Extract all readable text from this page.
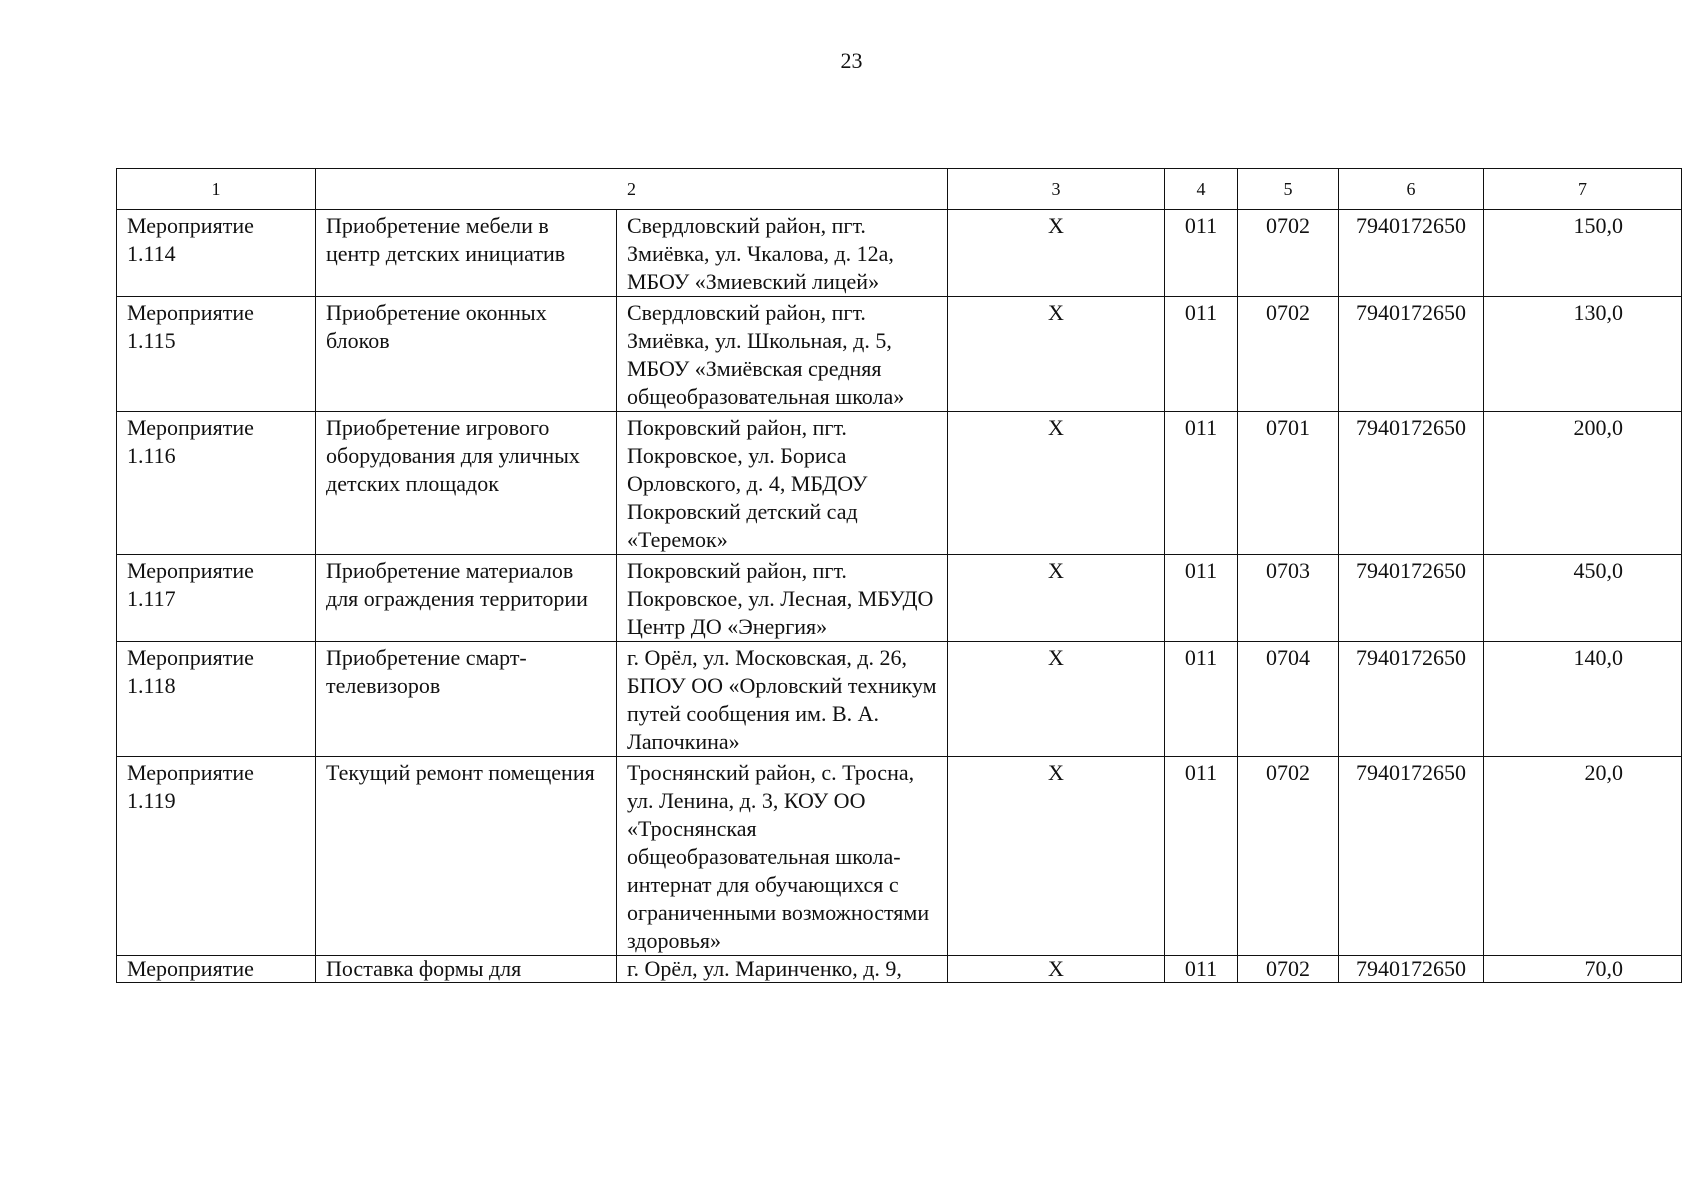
23
1	2		3	4	5	6	7
Мероприятие 1.114	Приобретение мебели в центр детских инициатив	Свердловский район, пгт. Змиёвка, ул. Чкалова, д. 12а, МБОУ «Змиевский лицей»	X	011	0702	7940172650	150,0
Мероприятие 1.115	Приобретение оконных блоков	Свердловский район, пгт. Змиёвка, ул. Школьная, д. 5, МБОУ «Змиёвская средняя общеобразовательная школа»	X	011	0702	7940172650	130,0
Мероприятие 1.116	Приобретение игрового оборудования для уличных детских площадок	Покровский район, пгт. Покровское, ул. Бориса Орловского, д. 4, МБДОУ Покровский детский сад «Теремок»	X	011	0701	7940172650	200,0
Мероприятие 1.117	Приобретение материалов для ограждения территории	Покровский район, пгт. Покровское, ул. Лесная, МБУДО Центр ДО «Энергия»	X	011	0703	7940172650	450,0
Мероприятие 1.118	Приобретение смарт-телевизоров	г. Орёл, ул. Московская, д. 26, БПОУ ОО «Орловский техникум путей сообщения им. В. А. Лапочкина»	X	011	0704	7940172650	140,0
Мероприятие 1.119	Текущий ремонт помещения	Троснянский район, с. Тросна, ул. Ленина, д. 3, КОУ ОО «Троснянская общеобразовательная школа-интернат для обучающихся с ограниченными возможностями здоровья»	X	011	0702	7940172650	20,0
Мероприятие	Поставка формы для	г. Орёл, ул. Маринченко, д. 9,	X	011	0702	7940172650	70,0
